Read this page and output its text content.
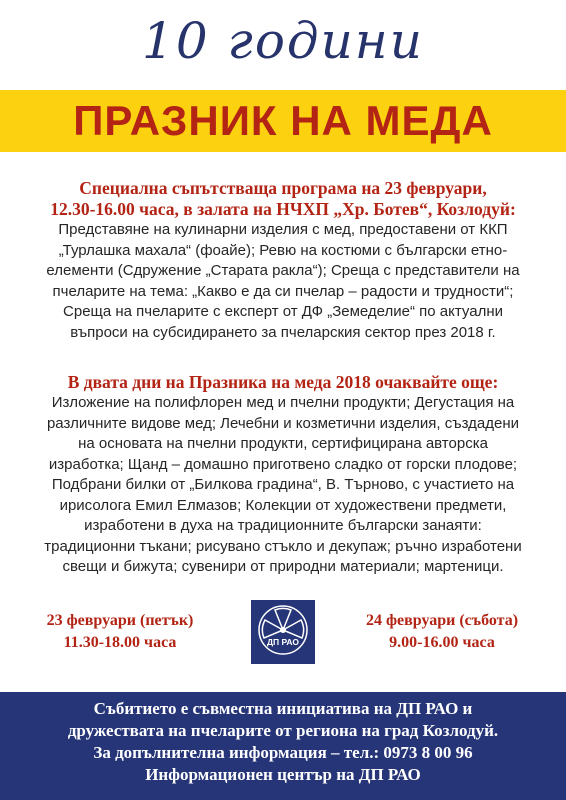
10 години
ПРАЗНИК НА МЕДА
Специална съпътстваща програма на 23 февруари,
12.30-16.00 часа, в залата на НЧХП „Хр. Ботев“, Козлодуй:
Представяне на кулинарни изделия с мед, предоставени от ККП
„Турлашка махала“ (фоайе); Ревю на костюми с български етно-
елементи (Сдружение „Старата ракла“); Среща с представители на
пчеларите на тема: „Какво е да си пчелар – радости и трудности“;
Среща на пчеларите с експерт от ДФ „Земеделие“ по актуални
въпроси на субсидирането за пчеларския сектор през 2018 г.
В двата дни на Празника на меда 2018 очаквайте още:
Изложение на полифлорен мед и пчелни продукти; Дегустация на
различните видове мед; Лечебни и козметични изделия, създадени
на основата на пчелни продукти, сертифицирана авторска
изработка; Щанд – домашно приготвено сладко от горски плодове;
Подбрани билки от „Билкова градина“, В. Търново, с участието на
ирисолога Емил Елмазов; Колекции от художествени предмети,
изработени в духа на традиционните български занаяти:
традиционни тъкани; рисувано стъкло и декупаж; ръчно изработени
свещи и бижута; сувенири от природни материали; мартеници.
23 февруари (петък)
11.30-18.00 часа	ДП РАО
24 февруари (събота)
9.00-16.00 часа
Събитието е съвместна инициатива на ДП РАО и
дружествата на пчеларите от региона на град Козлодуй.
За допълнителна информация – тел.: 0973 8 00 96
Информационен център на ДП РАО
